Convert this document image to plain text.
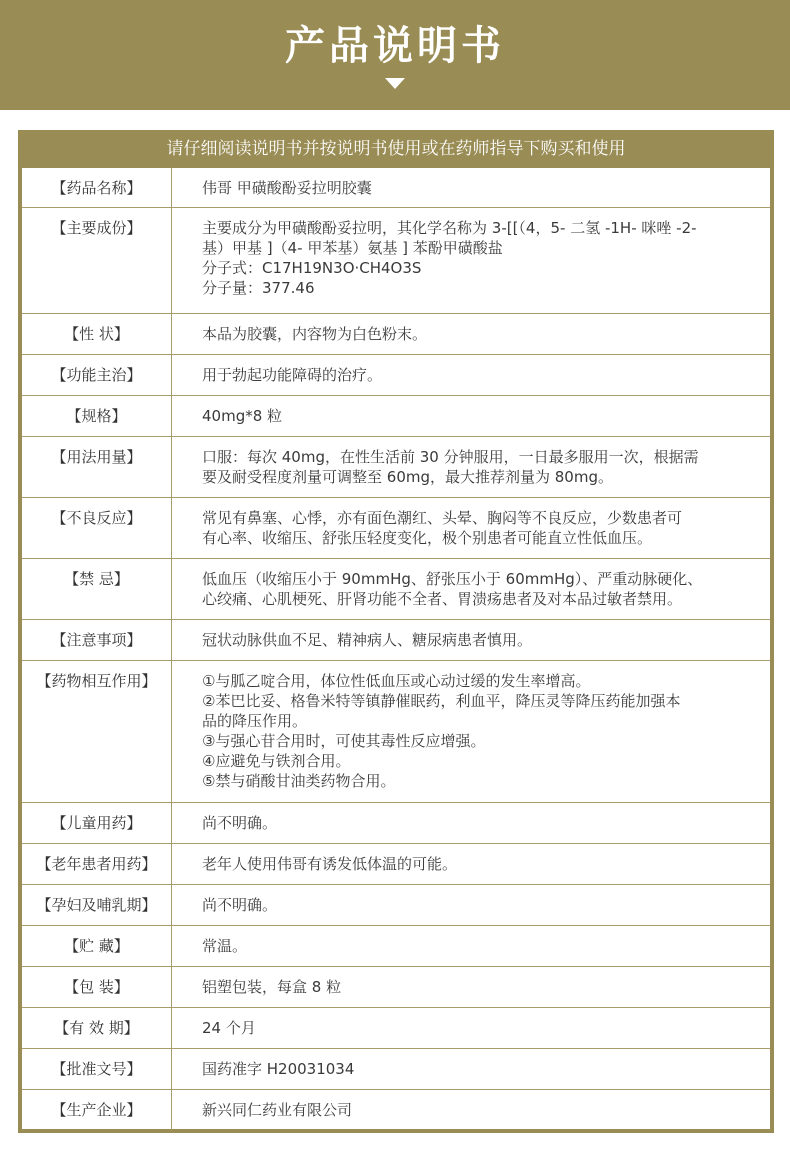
产品说明书
请仔细阅读说明书并按说明书使用或在药师指导下购买和使用
【药品名称】	伟哥 甲磺酸酚妥拉明胶囊
【主要成份】	主要成分为甲磺酸酚妥拉明，其化学名称为 3-[[（4，5- 二氢 -1H- 咪唑 -2-
基）甲基 ]（4- 甲苯基）氨基 ] 苯酚甲磺酸盐
分子式：C17H19N3O·CH4O3S
分子量：377.46
【性 状】	本品为胶囊，内容物为白色粉末。
【功能主治】	用于勃起功能障碍的治疗。
【规格】	40mg*8 粒
【用法用量】	口服：每次 40mg，在性生活前 30 分钟服用，一日最多服用一次，根据需
要及耐受程度剂量可调整至 60mg，最大推荐剂量为 80mg。
【不良反应】	常见有鼻塞、心悸，亦有面色潮红、头晕、胸闷等不良反应，少数患者可
有心率、收缩压、舒张压轻度变化，极个别患者可能直立性低血压。
【禁 忌】	低血压（收缩压小于 90mmHg、舒张压小于 60mmHg）、严重动脉硬化、
心绞痛、心肌梗死、肝肾功能不全者、胃溃疡患者及对本品过敏者禁用。
【注意事项】	冠状动脉供血不足、精神病人、糖尿病患者慎用。
【药物相互作用】	①与胍乙啶合用，体位性低血压或心动过缓的发生率增高。
②苯巴比妥、格鲁米特等镇静催眠药，利血平，降压灵等降压药能加强本
品的降压作用。
③与强心苷合用时，可使其毒性反应增强。
④应避免与铁剂合用。
⑤禁与硝酸甘油类药物合用。
【儿童用药】	尚不明确。
【老年患者用药】	老年人使用伟哥有诱发低体温的可能。
【孕妇及哺乳期】	尚不明确。
【贮 藏】	常温。
【包 装】	铝塑包装，每盒 8 粒
【有 效 期】	24 个月
【批准文号】	国药准字 H20031034
【生产企业】	新兴同仁药业有限公司
